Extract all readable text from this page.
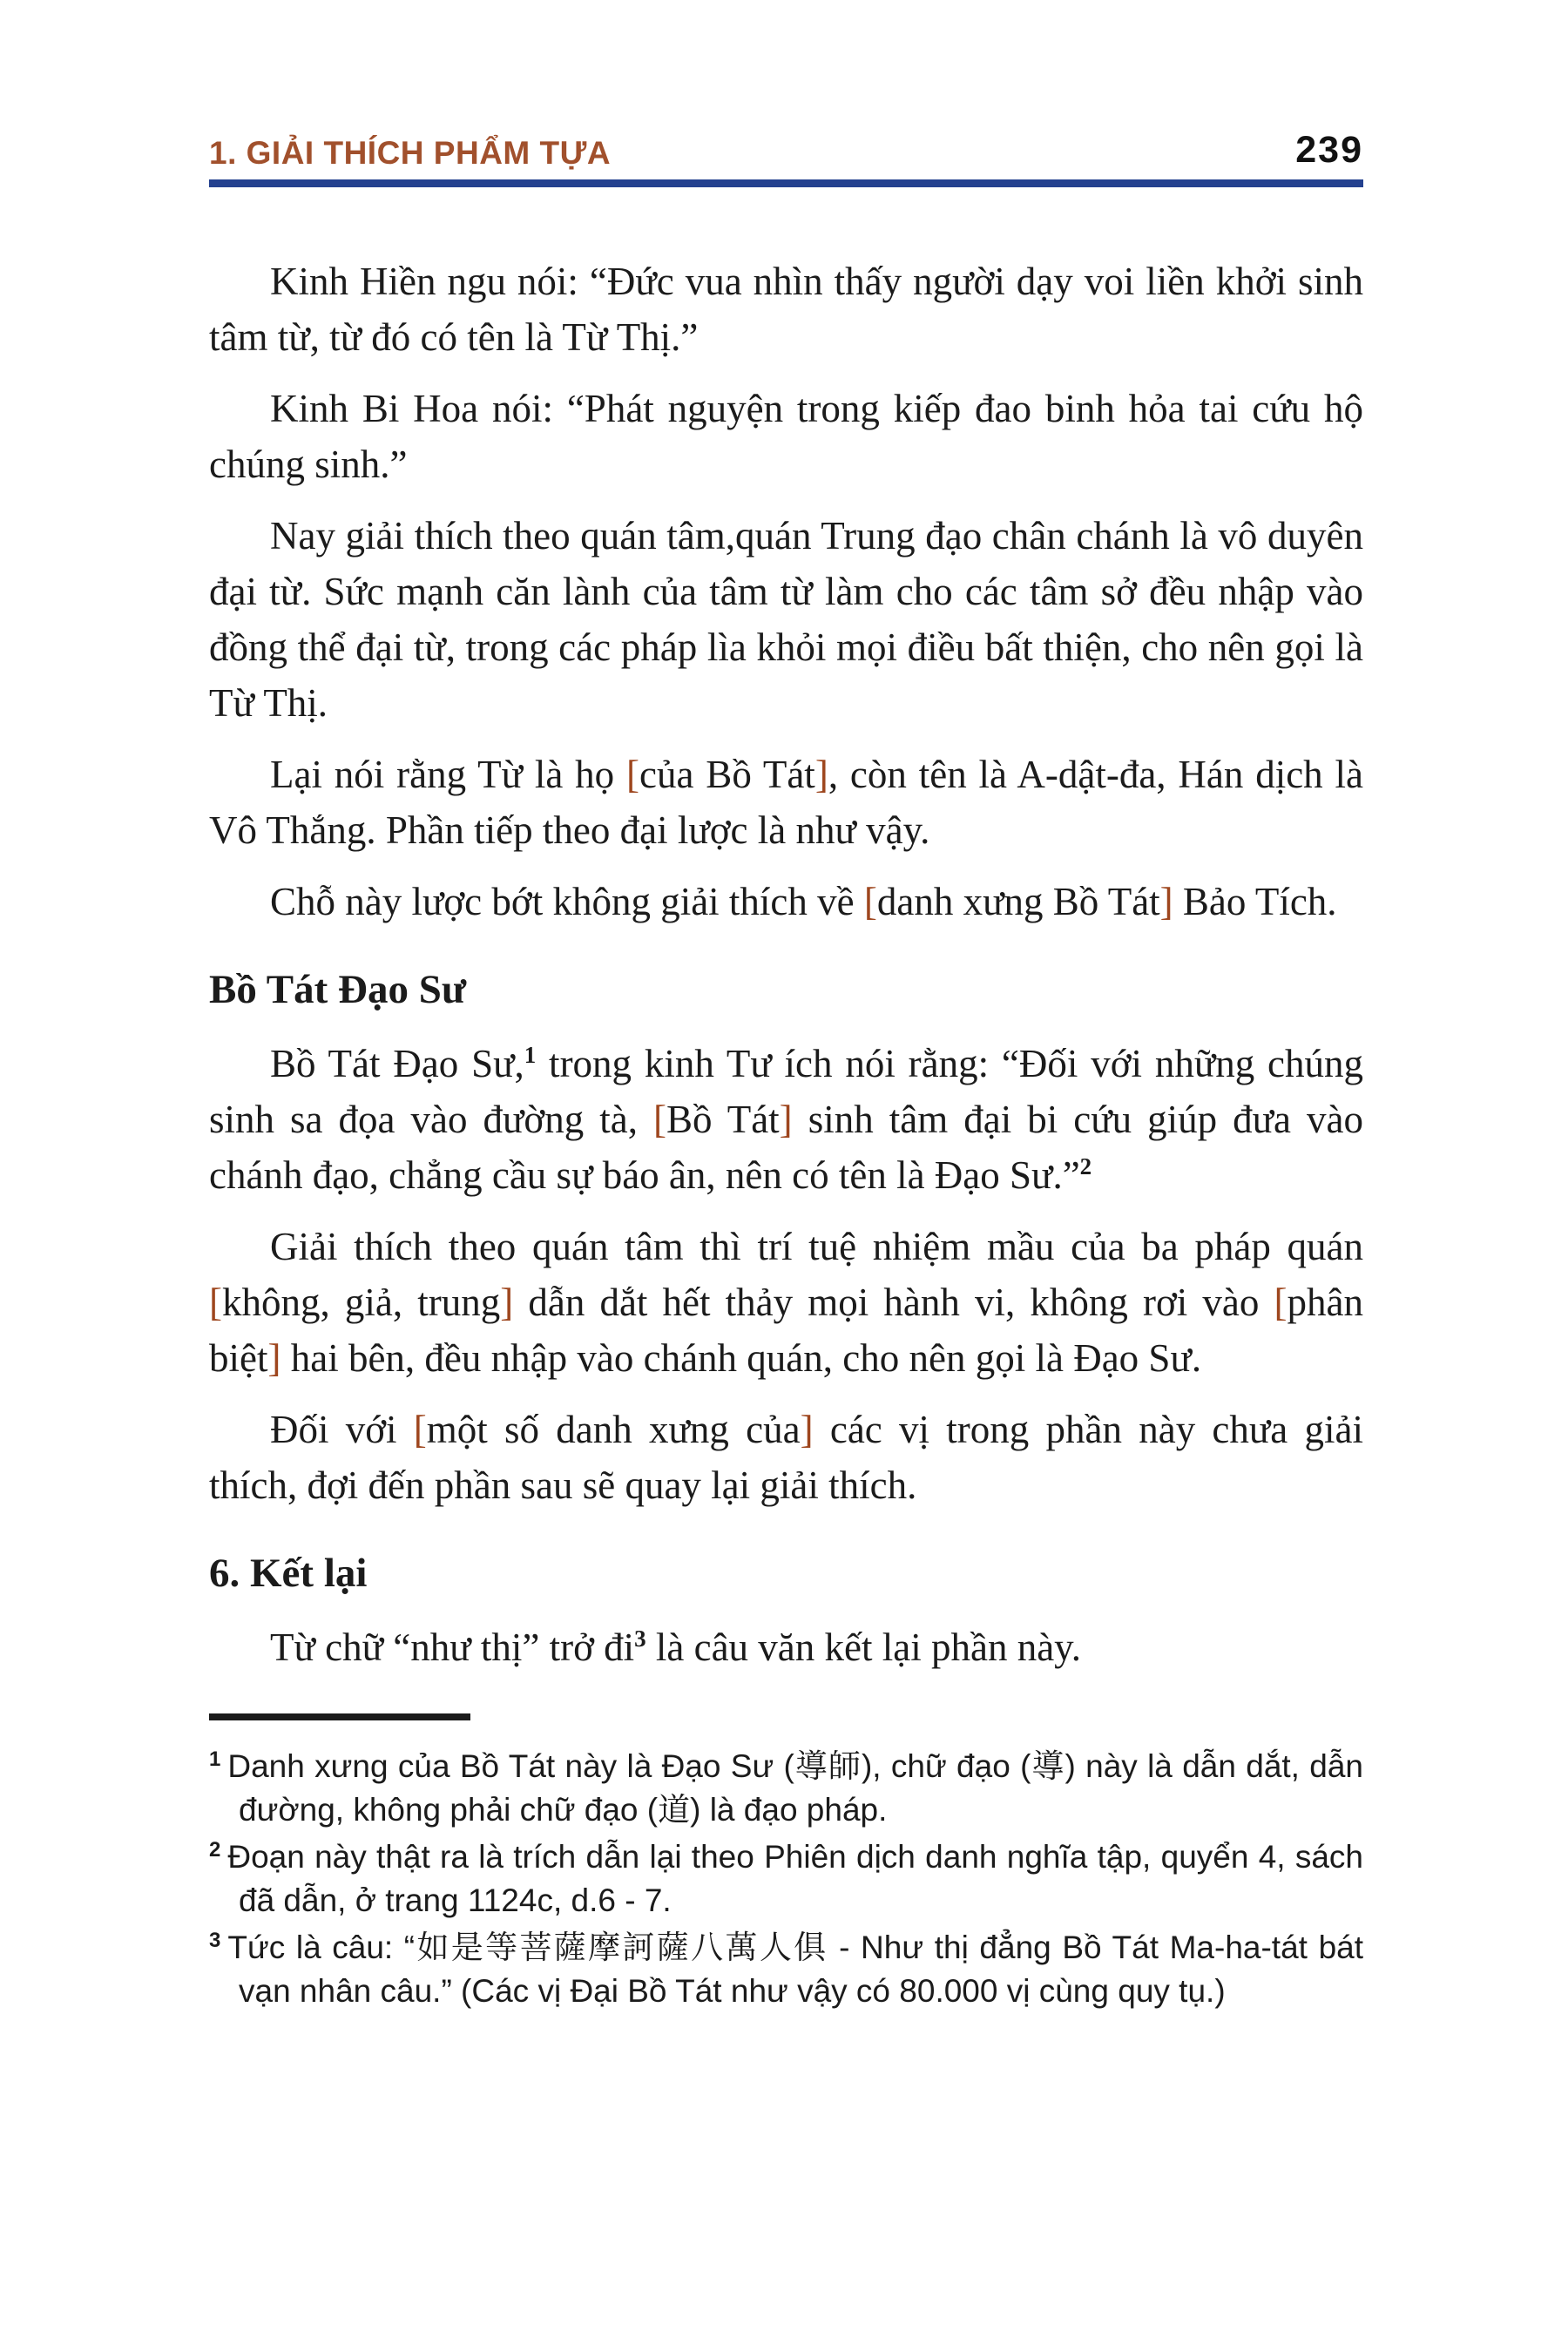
1. GIẢI THÍCH PHẨM TỰA	239

Kinh Hiền ngu nói: “Đức vua nhìn thấy người dạy voi liền khởi sinh tâm từ, từ đó có tên là Từ Thị.”

Kinh Bi Hoa nói: “Phát nguyện trong kiếp đao binh hỏa tai cứu hộ chúng sinh.”

Nay giải thích theo quán tâm,quán Trung đạo chân chánh là vô duyên đại từ. Sức mạnh căn lành của tâm từ làm cho các tâm sở đều nhập vào đồng thể đại từ, trong các pháp lìa khỏi mọi điều bất thiện, cho nên gọi là Từ Thị.

Lại nói rằng Từ là họ [của Bồ Tát], còn tên là A-dật-đa, Hán dịch là Vô Thắng. Phần tiếp theo đại lược là như vậy.

Chỗ này lược bớt không giải thích về [danh xưng Bồ Tát] Bảo Tích.

Bồ Tát Đạo Sư

Bồ Tát Đạo Sư,$^1$ trong kinh Tư ích nói rằng: “Đối với những chúng sinh sa đọa vào đường tà, [Bồ Tát] sinh tâm đại bi cứu giúp đưa vào chánh đạo, chẳng cầu sự báo ân, nên có tên là Đạo Sư.”$^2$

Giải thích theo quán tâm thì trí tuệ nhiệm mầu của ba pháp quán [không, giả, trung] dẫn dắt hết thảy mọi hành vi, không rơi vào [phân biệt] hai bên, đều nhập vào chánh quán, cho nên gọi là Đạo Sư.

Đối với [một số danh xưng của] các vị trong phần này chưa giải thích, đợi đến phần sau sẽ quay lại giải thích.

6. Kết lại

Từ chữ “như thị” trở $đi^3$ là câu văn kết lại phần này.

$^1$ Danh xưng của Bồ Tát này là Đạo Sư (導師), chữ đạo (導) này là dẫn dắt, dẫn đường, không phải chữ đạo (道) là đạo pháp.
$^2$ Đoạn này thật ra là trích dẫn lại theo Phiên dịch danh nghĩa tập, quyển 4, sách đã dẫn, ở trang 1124c, d.6 - 7.
$^3$ Tức là câu: “如是等菩薩摩訶薩八萬人俱 - Như thị đẳng Bồ Tát Ma-ha-tát bát vạn nhân câu.” (Các vị Đại Bồ Tát như vậy có 80.000 vị cùng quy tụ.)
